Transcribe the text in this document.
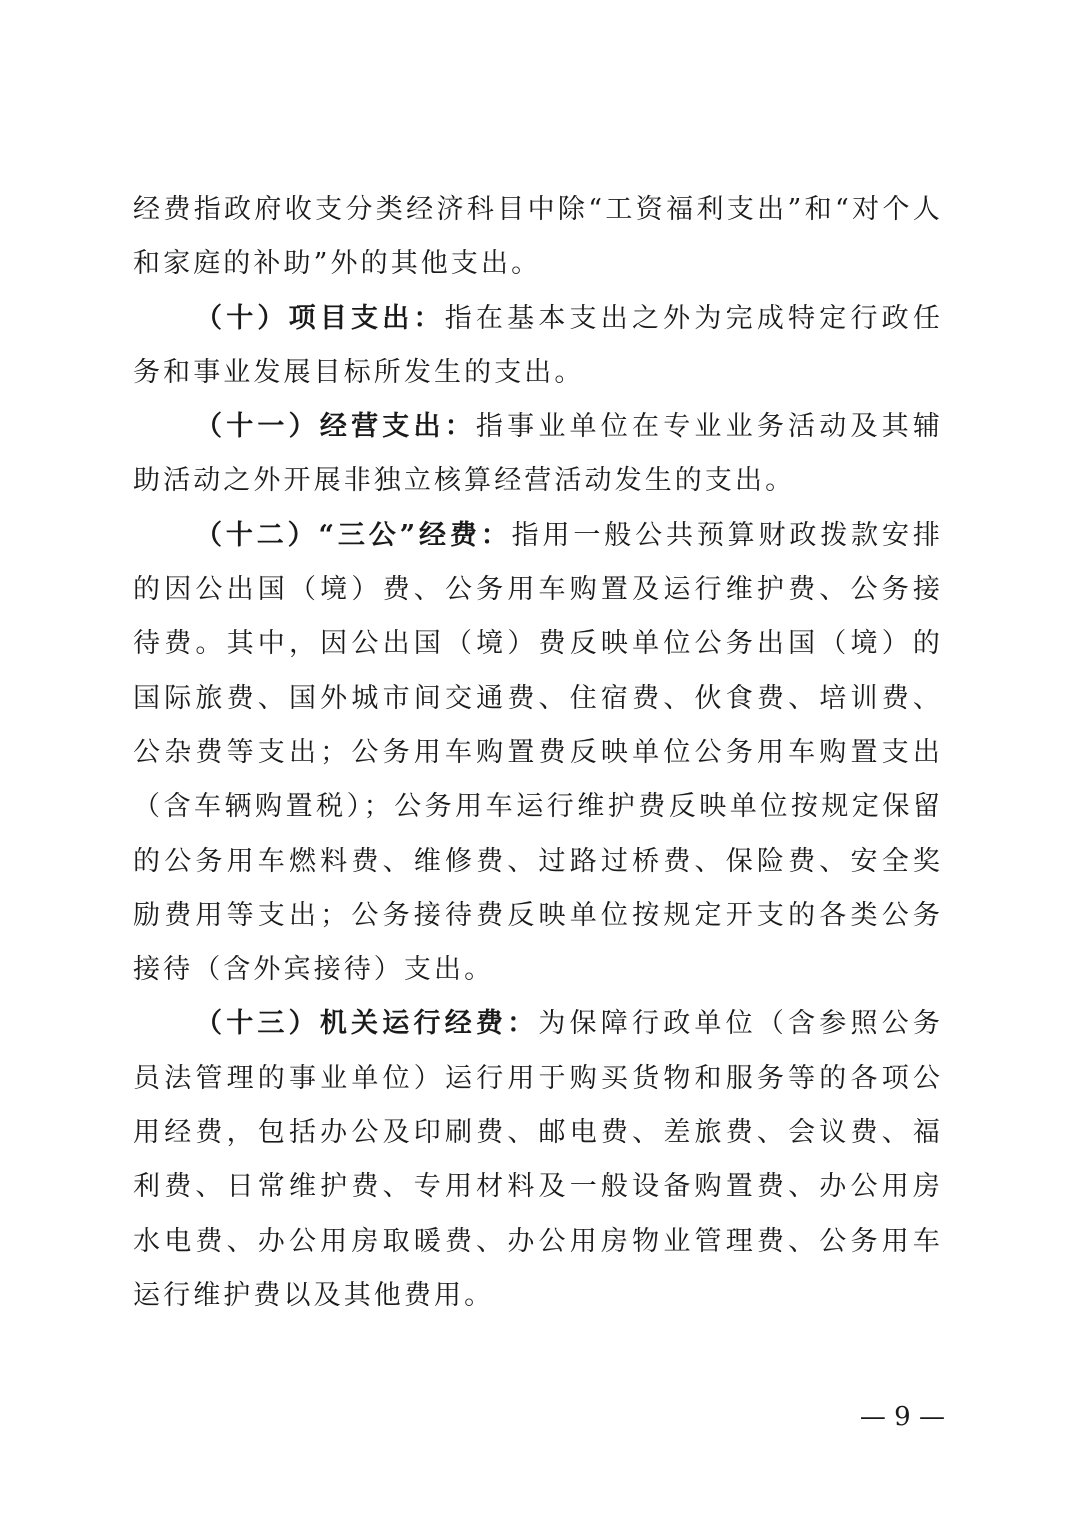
经费指政府收支分类经济科目中除“工资福利支出”和“对个人和家庭的补助”外的其他支出。

（十）项目支出：指在基本支出之外为完成特定行政任务和事业发展目标所发生的支出。

（十一）经营支出：指事业单位在专业业务活动及其辅助活动之外开展非独立核算经营活动发生的支出。

（十二）“三公”经费：指用一般公共预算财政拨款安排的因公出国（境）费、公务用车购置及运行维护费、公务接待费。其中，因公出国（境）费反映单位公务出国（境）的国际旅费、国外城市间交通费、住宿费、伙食费、培训费、公杂费等支出；公务用车购置费反映单位公务用车购置支出（含车辆购置税）；公务用车运行维护费反映单位按规定保留的公务用车燃料费、维修费、过路过桥费、保险费、安全奖励费用等支出；公务接待费反映单位按规定开支的各类公务接待（含外宾接待）支出。

（十三）机关运行经费：为保障行政单位（含参照公务员法管理的事业单位）运行用于购买货物和服务等的各项公用经费，包括办公及印刷费、邮电费、差旅费、会议费、福利费、日常维护费、专用材料及一般设备购置费、办公用房水电费、办公用房取暖费、办公用房物业管理费、公务用车运行维护费以及其他费用。

— 9 —
